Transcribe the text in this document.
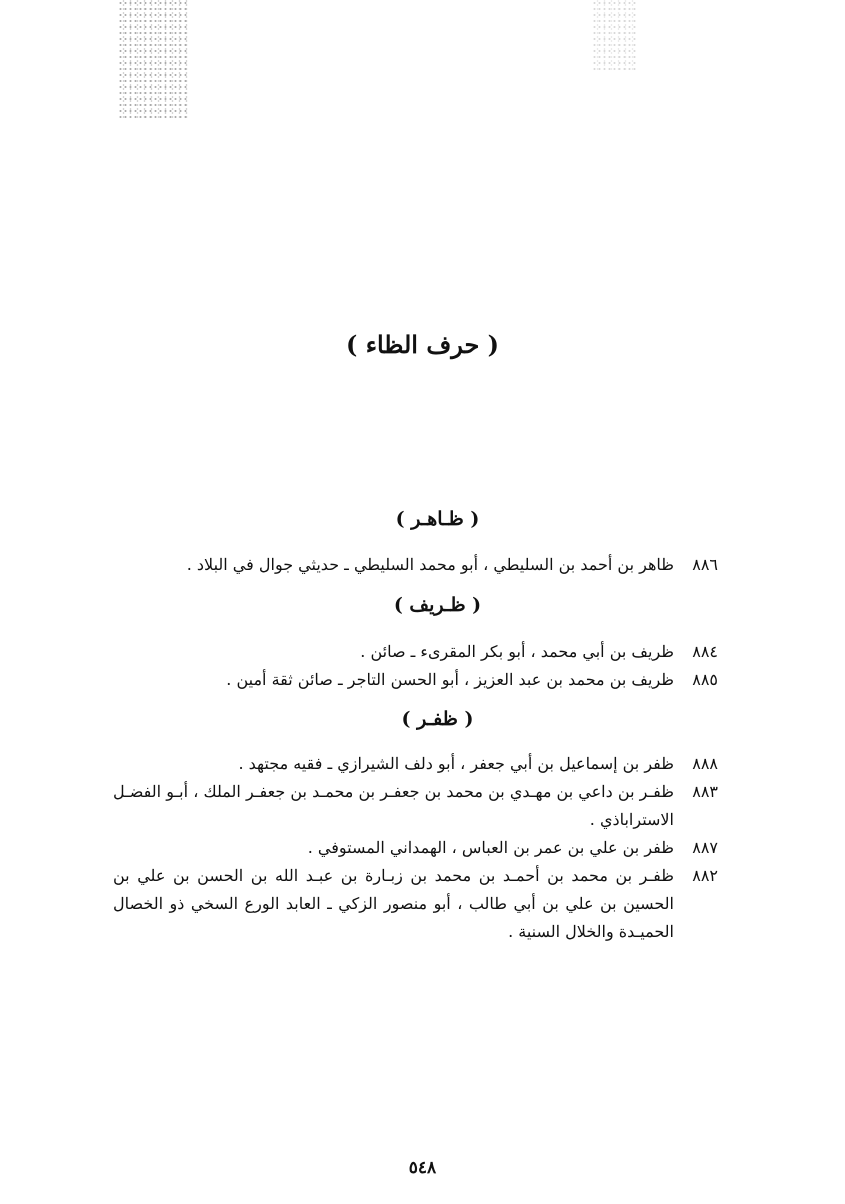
( حرف الظاء )
( ظـاهـر )
٨٨٦
ظاهر بن أحمد بن السليطي ، أبو محمد السليطي ـ حديثي جوال في البلاد .
( ظـريف )
٨٨٤
ظريف بن أبي محمد ، أبو بكر المقرىء ـ صائن .
٨٨٥
ظريف بن محمد بن عبد العزيز ، أبو الحسن التاجر ـ صائن ثقة أمين .
( ظفـر )
٨٨٨
ظفر بن إسماعيل بن أبي جعفر ، أبو دلف الشيرازي ـ فقيه مجتهد .
٨٨٣
ظفـر بن داعي بن مهـدي بن محمد بن جعفـر بن محمـد بن جعفـر الملك ، أبـو الفضـل الاستراباذي .
٨٨٧
ظفر بن علي بن عمر بن العباس ، الهمداني المستوفي .
٨٨٢
ظفـر بن محمد بن أحمـد بن محمد بن زبـارة بن عبـد الله بن الحسن بن علي بن الحسين بن علي بن أبي طالب ، أبو منصور الزكي ـ العابد الورع السخي ذو الخصال الحميـدة والخلال السنية .
٥٤٨
